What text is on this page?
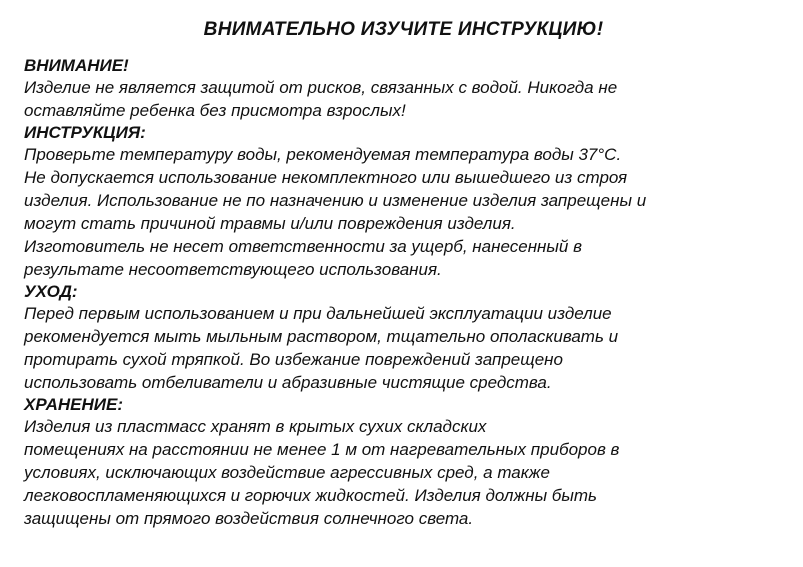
ВНИМАТЕЛЬНО ИЗУЧИТЕ ИНСТРУКЦИЮ!

ВНИМАНИЕ!

Изделие не является защитой от рисков, связанных с водой. Никогда не

оставляйте ребенка без присмотра взрослых!

ИНСТРУКЦИЯ:

Проверьте температуру воды, рекомендуемая температура воды 37°С.

Не допускается использование некомплектного или вышедшего из строя

изделия. Использование не по назначению и изменение изделия запрещены и

могут стать причиной травмы и/или повреждения изделия.

Изготовитель не несет ответственности за ущерб, нанесенный в

результате несоответствующего использования.

УХОД:

Перед первым использованием и при дальнейшей эксплуатации изделие

рекомендуется мыть мыльным раствором, тщательно ополаскивать и

протирать сухой тряпкой. Во избежание повреждений запрещено

использовать отбеливатели и абразивные чистящие средства.

ХРАНЕНИЕ:

Изделия из пластмасс хранят в крытых сухих складских

помещениях на расстоянии не менее 1 м от нагревательных приборов в

условиях, исключающих воздействие агрессивных сред, а также

легковоспламеняющихся и горючих жидкостей. Изделия должны быть

защищены от прямого воздействия солнечного света.
